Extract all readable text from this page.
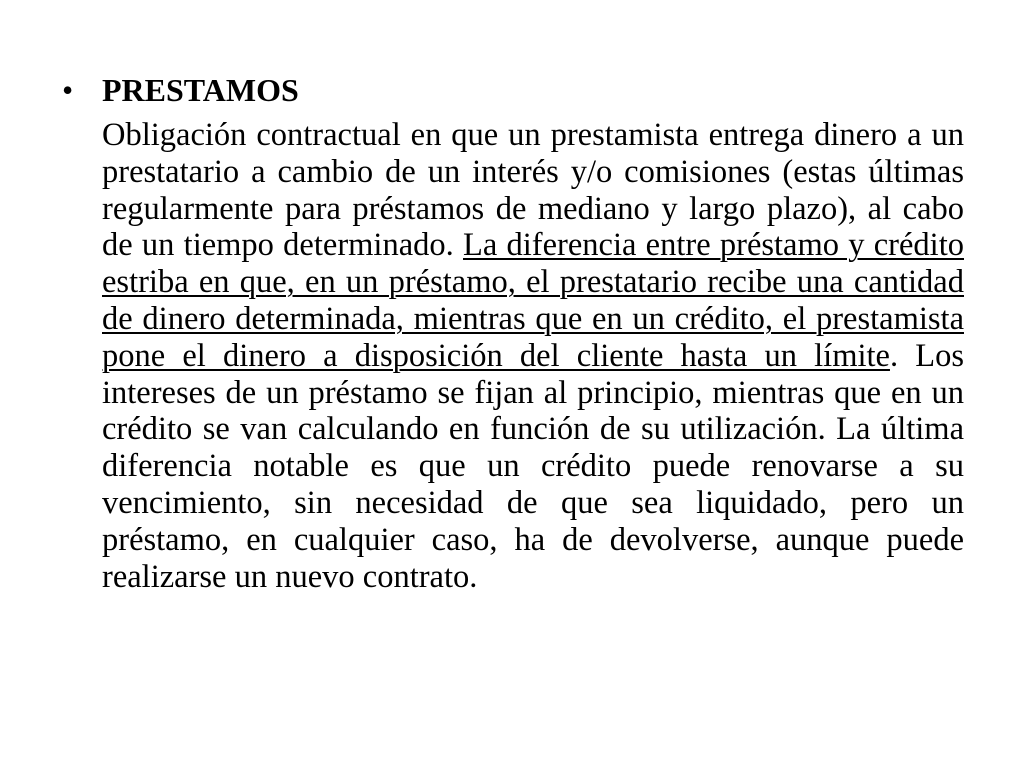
• PRESTAMOS

Obligación contractual en que un prestamista entrega dinero a un prestatario a cambio de un interés y/o comisiones (estas últimas regularmente para préstamos de mediano y largo plazo), al cabo de un tiempo determinado. La diferencia entre préstamo y crédito estriba en que, en un préstamo, el prestatario recibe una cantidad de dinero determinada, mientras que en un crédito, el prestamista pone el dinero a disposición del cliente hasta un límite. Los intereses de un préstamo se fijan al principio, mientras que en un crédito se van calculando en función de su utilización. La última diferencia notable es que un crédito puede renovarse a su vencimiento, sin necesidad de que sea liquidado, pero un préstamo, en cualquier caso, ha de devolverse, aunque puede realizarse un nuevo contrato.
